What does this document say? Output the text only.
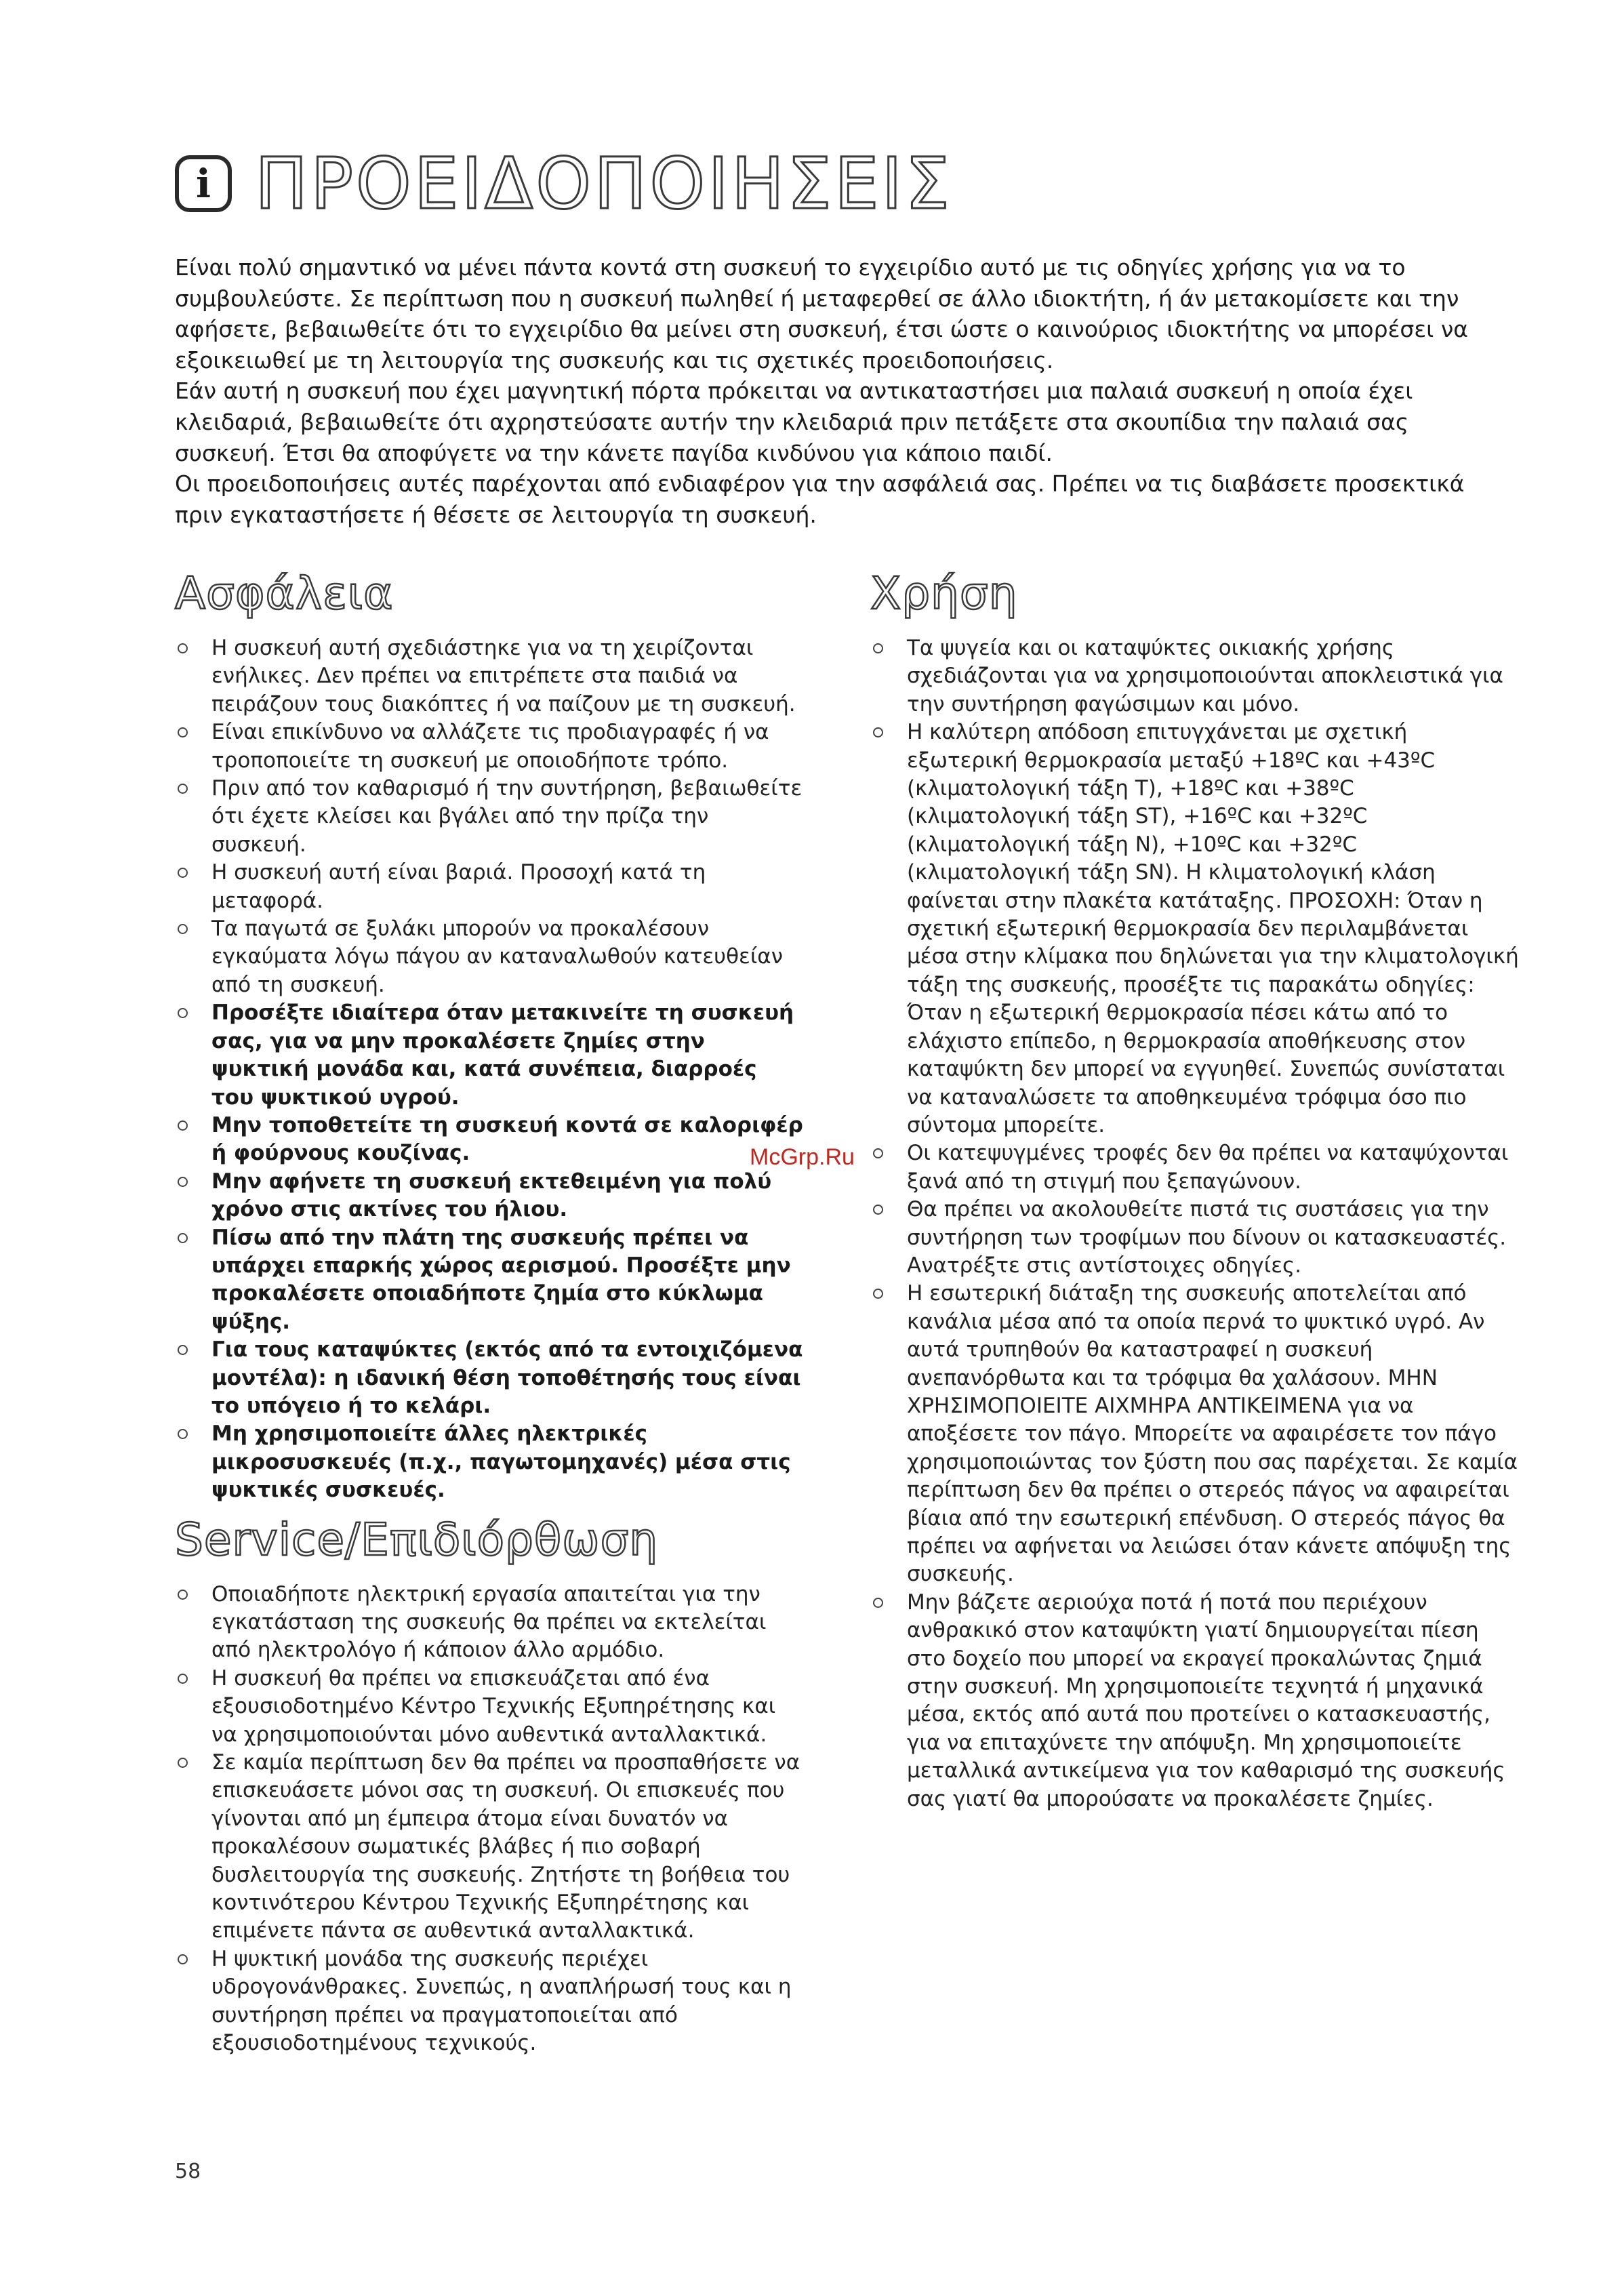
i ΠΡΟΕΙΔΟΠΟΙΗΣΕΙΣ

Είναι πολύ σημαντικό να μένει πάντα κοντά στη συσκευή το εγχειρίδιο αυτό με τις οδηγίες χρήσης για να το συμβουλεύστε. Σε περίπτωση που η συσκευή πωληθεί ή μεταφερθεί σε άλλο ιδιοκτήτη, ή άν μετακομίσετε και την αφήσετε, βεβαιωθείτε ότι το εγχειρίδιο θα μείνει στη συσκευή, έτσι ώστε ο καινούριος ιδιοκτήτης να μπορέσει να εξοικειωθεί με τη λειτουργία της συσκευής και τις σχετικές προειδοποιήσεις.

Εάν αυτή η συσκευή που έχει μαγνητική πόρτα πρόκειται να αντικαταστήσει μια παλαιά συσκευή η οποία έχει κλειδαριά, βεβαιωθείτε ότι αχρηστεύσατε αυτήν την κλειδαριά πριν πετάξετε στα σκουπίδια την παλαιά σας συσκευή. Έτσι θα αποφύγετε να την κάνετε παγίδα κινδύνου για κάποιο παιδί.

Οι προειδοποιήσεις αυτές παρέχονται από ενδιαφέρον για την ασφάλειά σας. Πρέπει να τις διαβάσετε προσεκτικά πριν εγκαταστήσετε ή θέσετε σε λειτουργία τη συσκευή.

Ασφάλεια
Η συσκευή αυτή σχεδιάστηκε για να τη χειρίζονται ενήλικες. Δεν πρέπει να επιτρέπετε στα παιδιά να πειράζουν τους διακόπτες ή να παίζουν με τη συσκευή.
Είναι επικίνδυνο να αλλάζετε τις προδιαγραφές ή να τροποποιείτε τη συσκευή με οποιοδήποτε τρόπο.
Πριν από τον καθαρισμό ή την συντήρηση, βεβαιωθείτε ότι έχετε κλείσει και βγάλει από την πρίζα την συσκευή.
Η συσκευή αυτή είναι βαριά. Προσοχή κατά τη μεταφορά.
Τα παγωτά σε ξυλάκι μπορούν να προκαλέσουν εγκαύματα λόγω πάγου αν καταναλωθούν κατευθείαν από τη συσκευή.
Προσέξτε ιδιαίτερα όταν μετακινείτε τη συσκευή σας, για να μην προκαλέσετε ζημίες στην ψυκτική μονάδα και, κατά συνέπεια, διαρροές του ψυκτικού υγρού.
Μην τοποθετείτε τη συσκευή κοντά σε καλοριφέρ ή φούρνους κουζίνας.
Μην αφήνετε τη συσκευή εκτεθειμένη για πολύ χρόνο στις ακτίνες του ήλιου.
Πίσω από την πλάτη της συσκευής πρέπει να υπάρχει επαρκής χώρος αερισμού. Προσέξτε μην προκαλέσετε οποιαδήποτε ζημία στο κύκλωμα ψύξης.
Για τους καταψύκτες (εκτός από τα εντοιχιζόμενα μοντέλα): η ιδανική θέση τοποθέτησής τους είναι το υπόγειο ή το κελάρι.
Μη χρησιμοποιείτε άλλες ηλεκτρικές μικροσυσκευές (π.χ., παγωτομηχανές) μέσα στις ψυκτικές συσκευές.
Service/Επιδιόρθωση
Οποιαδήποτε ηλεκτρική εργασία απαιτείται για την εγκατάσταση της συσκευής θα πρέπει να εκτελείται από ηλεκτρολόγο ή κάποιον άλλο αρμόδιο.
Η συσκευή θα πρέπει να επισκευάζεται από ένα εξουσιοδοτημένο Κέντρο Τεχνικής Εξυπηρέτησης και να χρησιμοποιούνται μόνο αυθεντικά ανταλλακτικά.
Σε καμία περίπτωση δεν θα πρέπει να προσπαθήσετε να επισκευάσετε μόνοι σας τη συσκευή. Οι επισκευές που γίνονται από μη έμπειρα άτομα είναι δυνατόν να προκαλέσουν σωματικές βλάβες ή πιο σοβαρή δυσλειτουργία της συσκευής. Ζητήστε τη βοήθεια του κοντινότερου Κέντρου Τεχνικής Εξυπηρέτησης και επιμένετε πάντα σε αυθεντικά ανταλλακτικά.
Η ψυκτική μονάδα της συσκευής περιέχει υδρογονάνθρακες. Συνεπώς, η αναπλήρωσή τους και η συντήρηση πρέπει να πραγματοποιείται από εξουσιοδοτημένους τεχνικούς.
Χρήση
Τα ψυγεία και οι καταψύκτες οικιακής χρήσης σχεδιάζονται για να χρησιμοποιούνται αποκλειστικά για την συντήρηση φαγώσιμων και μόνο.
Η καλύτερη απόδοση επιτυγχάνεται με σχετική εξωτερική θερμοκρασία μεταξύ +18ºC και +43ºC (κλιματολογική τάξη T), +18ºC και +38ºC (κλιματολογική τάξη ST), +16ºC και +32ºC (κλιματολογική τάξη N), +10ºC και +32ºC (κλιματολογική τάξη SN). Η κλιματολογική κλάση φαίνεται στην πλακέτα κατάταξης. ΠΡΟΣΟΧΗ: Όταν η σχετική εξωτερική θερμοκρασία δεν περιλαμβάνεται μέσα στην κλίμακα που δηλώνεται για την κλιματολογική τάξη της συσκευής, προσέξτε τις παρακάτω οδηγίες: Όταν η εξωτερική θερμοκρασία πέσει κάτω από το ελάχιστο επίπεδο, η θερμοκρασία αποθήκευσης στον καταψύκτη δεν μπορεί να εγγυηθεί. Συνεπώς συνίσταται να καταναλώσετε τα αποθηκευμένα τρόφιμα όσο πιο σύντομα μπορείτε.
Οι κατεψυγμένες τροφές δεν θα πρέπει να καταψύχονται ξανά από τη στιγμή που ξεπαγώνουν.
Θα πρέπει να ακολουθείτε πιστά τις συστάσεις για την συντήρηση των τροφίμων που δίνουν οι κατασκευαστές. Ανατρέξτε στις αντίστοιχες οδηγίες.
Η εσωτερική διάταξη της συσκευής αποτελείται από κανάλια μέσα από τα οποία περνά το ψυκτικό υγρό. Αν αυτά τρυπηθούν θα καταστραφεί η συσκευή ανεπανόρθωτα και τα τρόφιμα θα χαλάσουν. ΜΗΝ ΧΡΗΣΙΜΟΠΟΙΕΙΤΕ ΑΙΧΜΗΡΑ ΑΝΤΙΚΕΙΜΕΝΑ για να αποξέσετε τον πάγο. Μπορείτε να αφαιρέσετε τον πάγο χρησιμοποιώντας τον ξύστη που σας παρέχεται. Σε καμία περίπτωση δεν θα πρέπει ο στερεός πάγος να αφαιρείται βίαια από την εσωτερική επένδυση. Ο στερεός πάγος θα πρέπει να αφήνεται να λειώσει όταν κάνετε απόψυξη της συσκευής.
Μην βάζετε αεριούχα ποτά ή ποτά που περιέχουν ανθρακικό στον καταψύκτη γιατί δημιουργείται πίεση στο δοχείο που μπορεί να εκραγεί προκαλώντας ζημιά στην συσκευή. Μη χρησιμοποιείτε τεχνητά ή μηχανικά μέσα, εκτός από αυτά που προτείνει ο κατασκευαστής, για να επιταχύνετε την απόψυξη. Μη χρησιμοποιείτε μεταλλικά αντικείμενα για τον καθαρισμό της συσκευής σας γιατί θα μπορούσατε να προκαλέσετε ζημίες.
McGrp.Ru
58
